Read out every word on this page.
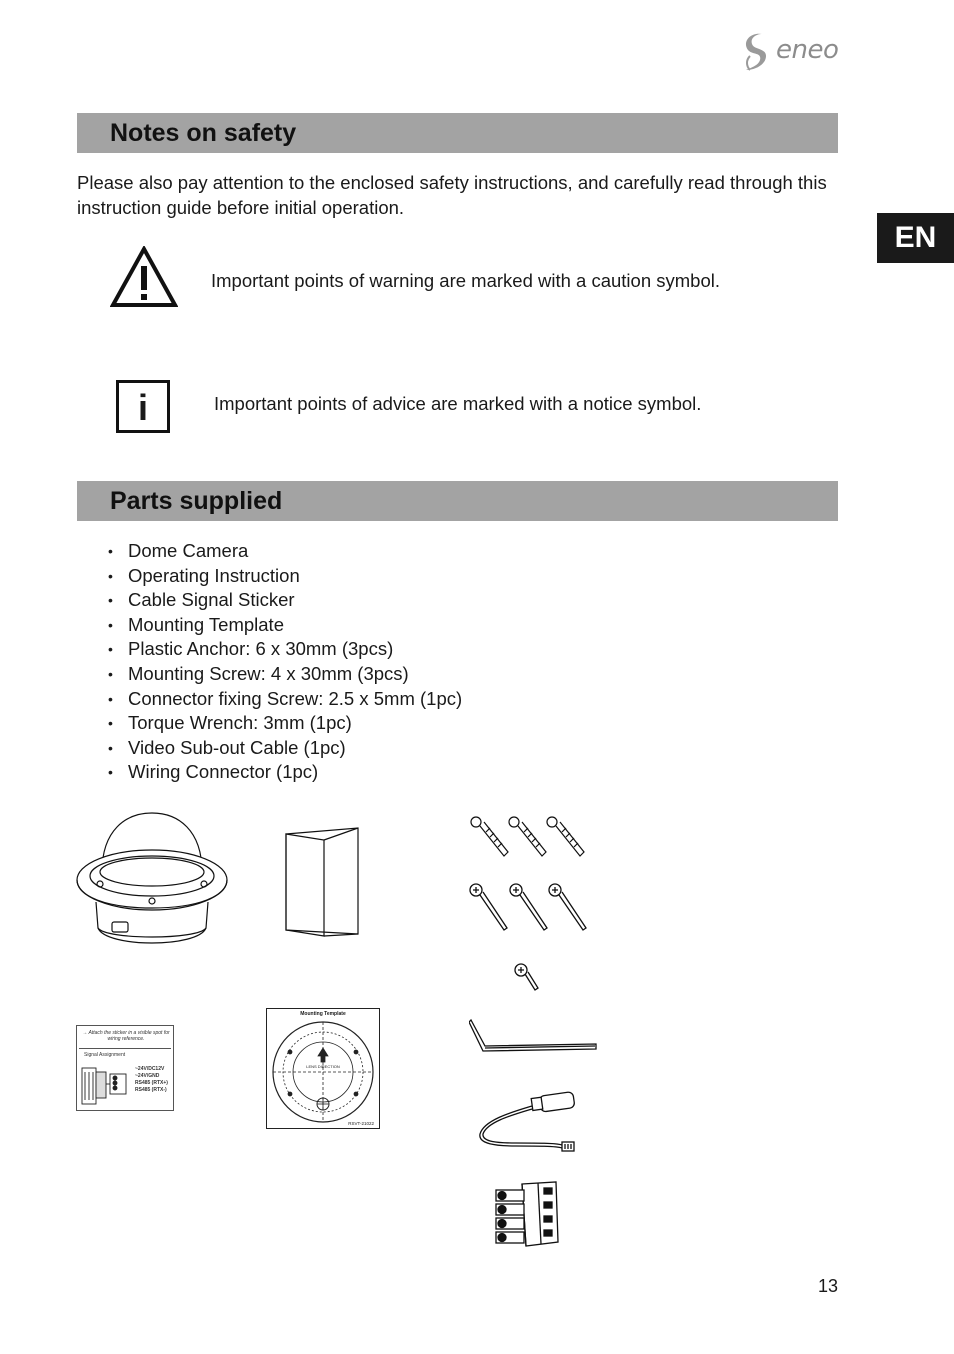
eneo
EN
Notes on safety
Please also pay attention to the enclosed safety instructions, and carefully read through this instruction guide before initial operation.
Important points of warning are marked with a caution symbol.
i	Important points of advice are marked with a notice symbol.
Parts supplied
• Dome Camera
• Operating Instruction
• Cable Signal Sticker
• Mounting Template
• Plastic Anchor: 6 x 30mm (3pcs)
• Mounting Screw: 4 x 30mm (3pcs)
• Connector fixing Screw: 2.5 x 5mm (1pc)
• Torque Wrench: 3mm (1pc)
• Video Sub-out Cable (1pc)
• Wiring Connector (1pc)
→ Attach the sticker in a visible spot for wiring reference.
Signal Assignment
~24V/DC12V
~24V/GND
RS485 (RTX+)
RS485 (RTX-)
Mounting Template
LENS DIRECTION
RSVT-21022
13
